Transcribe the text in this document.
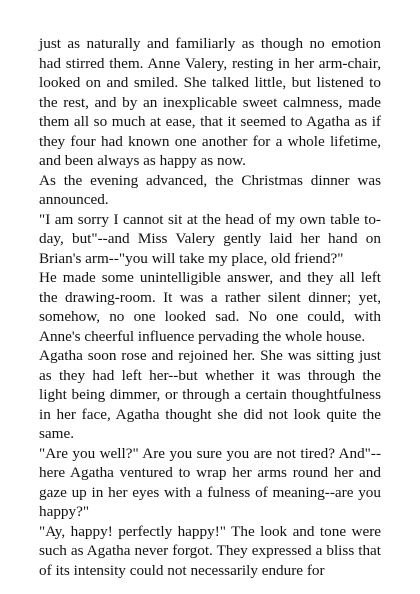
just as naturally and familiarly as though no emotion had stirred them. Anne Valery, resting in her arm-chair, looked on and smiled. She talked little, but listened to the rest, and by an inexplicable sweet calmness, made them all so much at ease, that it seemed to Agatha as if they four had known one another for a whole lifetime, and been always as happy as now.

As the evening advanced, the Christmas dinner was announced.

"I am sorry I cannot sit at the head of my own table to-day, but"--and Miss Valery gently laid her hand on Brian's arm--"you will take my place, old friend?"

He made some unintelligible answer, and they all left the drawing-room. It was a rather silent dinner; yet, somehow, no one looked sad. No one could, with Anne's cheerful influence pervading the whole house.

Agatha soon rose and rejoined her. She was sitting just as they had left her--but whether it was through the light being dimmer, or through a certain thoughtfulness in her face, Agatha thought she did not look quite the same.

"Are you well?" Are you sure you are not tired? And"--here Agatha ventured to wrap her arms round her and gaze up in her eyes with a fulness of meaning--are you happy?"

"Ay, happy! perfectly happy!" The look and tone were such as Agatha never forgot. They expressed a bliss that of its intensity could not necessarily endure for
